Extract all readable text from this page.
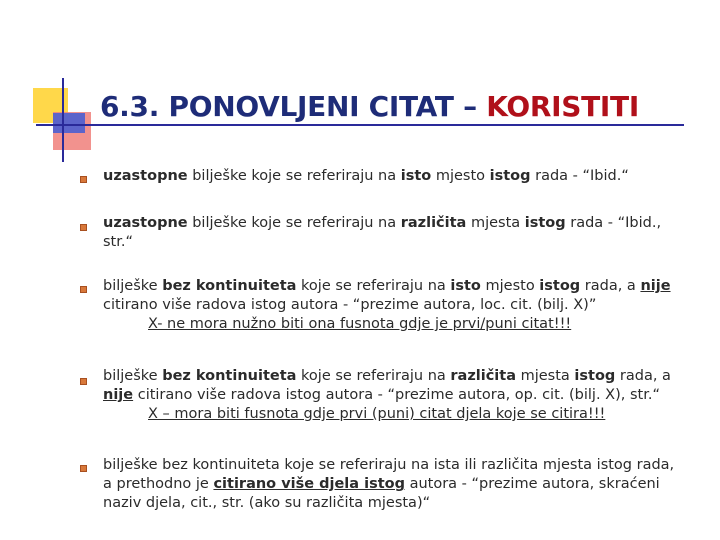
6.3. PONOVLJENI CITAT – KORISTITI
uzastopne bilješke koje se referiraju na isto mjesto istog rada - “Ibid.“
uzastopne bilješke koje se referiraju na različita mjesta istog rada - “Ibid., str.“
bilješke bez kontinuiteta koje se referiraju na isto mjesto istog rada, a nije citirano više radova istog autora - “prezime autora, loc. cit. (bilj. X)”
X- ne mora nužno biti ona fusnota gdje je prvi/puni citat!!!
bilješke bez kontinuiteta koje se referiraju na različita mjesta istog rada, a nije citirano više radova istog autora - “prezime autora, op. cit. (bilj. X), str.“
X – mora biti fusnota gdje prvi (puni) citat djela koje se citira!!!
bilješke bez kontinuiteta koje se referiraju na ista ili različita mjesta istog rada, a prethodno je citirano više djela istog autora - “prezime autora, skraćeni naziv djela, cit., str. (ako su različita mjesta)“
